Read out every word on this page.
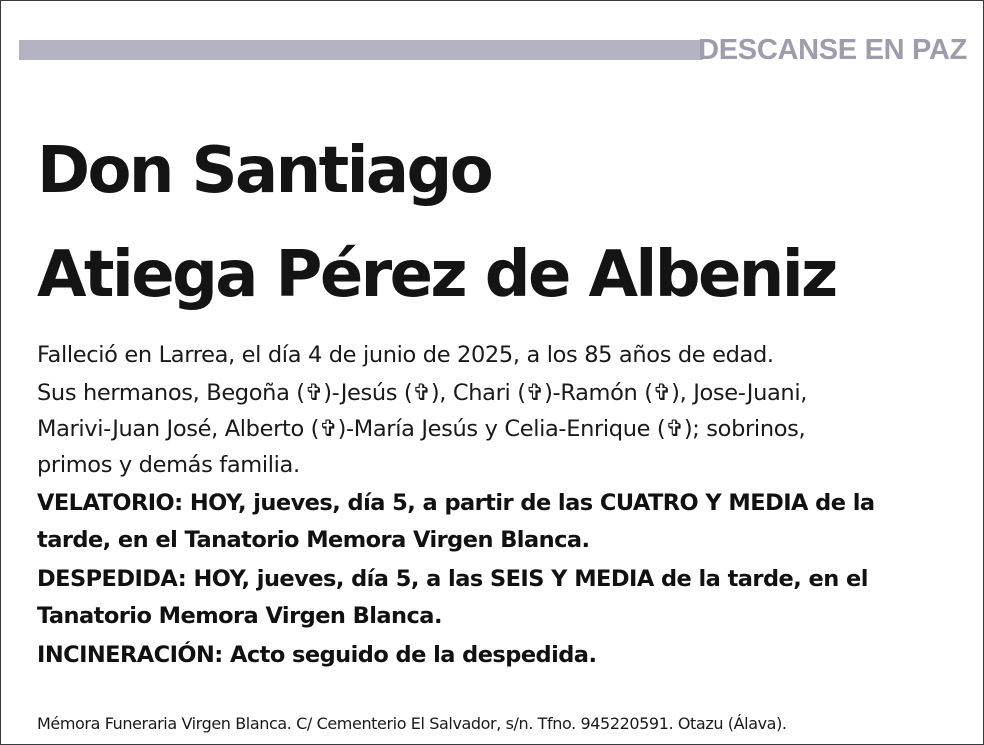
DESCANSE EN PAZ
Don Santiago
Atiega Pérez de Albeniz

Falleció en Larrea, el día 4 de junio de 2025, a los 85 años de edad.

Sus hermanos, Begoña (✞)-Jesús (✞), Chari (✞)-Ramón (✞), Jose-Juani,
Marivi-Juan José, Alberto (✞)-María Jesús y Celia-Enrique (✞); sobrinos,
primos y demás familia.

VELATORIO: HOY, jueves, día 5, a partir de las CUATRO Y MEDIA de la
tarde, en el Tanatorio Memora Virgen Blanca.

DESPEDIDA: HOY, jueves, día 5, a las SEIS Y MEDIA de la tarde, en el
Tanatorio Memora Virgen Blanca.

INCINERACIÓN: Acto seguido de la despedida.

Mémora Funeraria Virgen Blanca. C/ Cementerio El Salvador, s/n. Tfno. 945220591. Otazu (Álava).
